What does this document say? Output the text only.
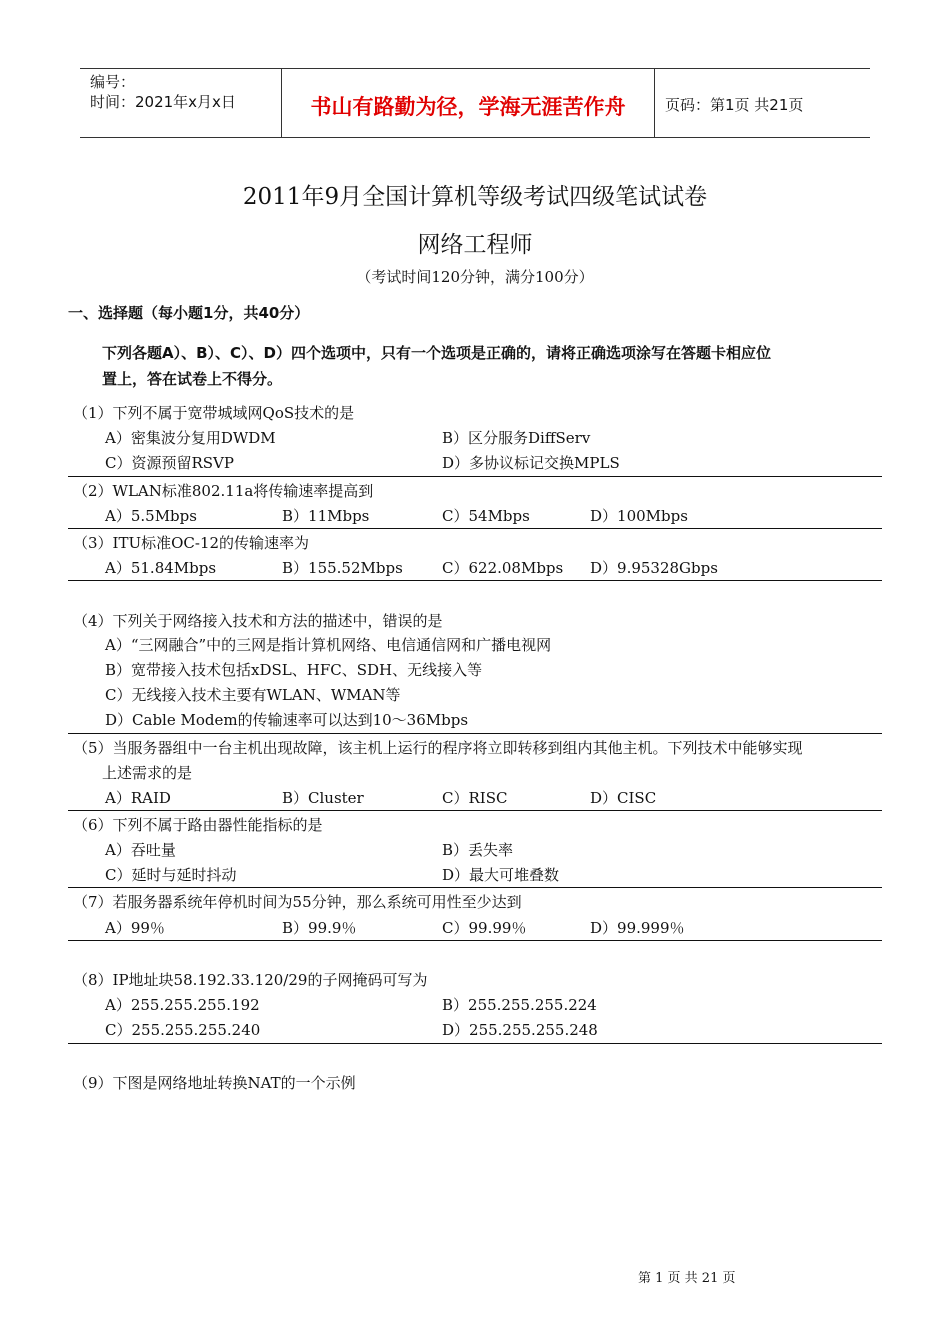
编号：
时间：2021年x月x日	书山有路勤为径，学海无涯苦作舟	页码：第1页 共21页
2011年9月全国计算机等级考试四级笔试试卷
网络工程师
（考试时间120分钟，满分100分）
一、选择题（每小题1分，共40分）
下列各题A）、B）、C）、D）四个选项中，只有一个选项是正确的，请将正确选项涂写在答题卡相应位
置上，答在试卷上不得分。
（1）下列不属于宽带城域网QoS技术的是
A）密集波分复用DWDM	B）区分服务DiffServ
C）资源预留RSVP	D）多协议标记交换MPLS
（2）WLAN标准802.11a将传输速率提高到
A）5.5Mbps	B）11Mbps	C）54Mbps	D）100Mbps
（3）ITU标准OC-12的传输速率为
A）51.84Mbps	B）155.52Mbps	C）622.08Mbps D）9.95328Gbps
（4）下列关于网络接入技术和方法的描述中，错误的是
A）“三网融合”中的三网是指计算机网络、电信通信网和广播电视网
B）宽带接入技术包括xDSL、HFC、SDH、无线接入等
C）无线接入技术主要有WLAN、WMAN等
D）Cable Modem的传输速率可以达到10～36Mbps
（5）当服务器组中一台主机出现故障，该主机上运行的程序将立即转移到组内其他主机。下列技术中能够实现
上述需求的是
A）RAID	B）Cluster	C）RISC	D）CISC
（6）下列不属于路由器性能指标的是
A）吞吐量	B）丢失率
C）延时与延时抖动	D）最大可堆叠数
（7）若服务器系统年停机时间为55分钟，那么系统可用性至少达到
A）99％	B）99.9％	C）99.99％	D）99.999％
（8）IP地址块58.192.33.120/29的子网掩码可写为
A）255.255.255.192	B）255.255.255.224
C）255.255.255.240	D）255.255.255.248
（9）下图是网络地址转换NAT的一个示例
第 1 页 共 21 页
